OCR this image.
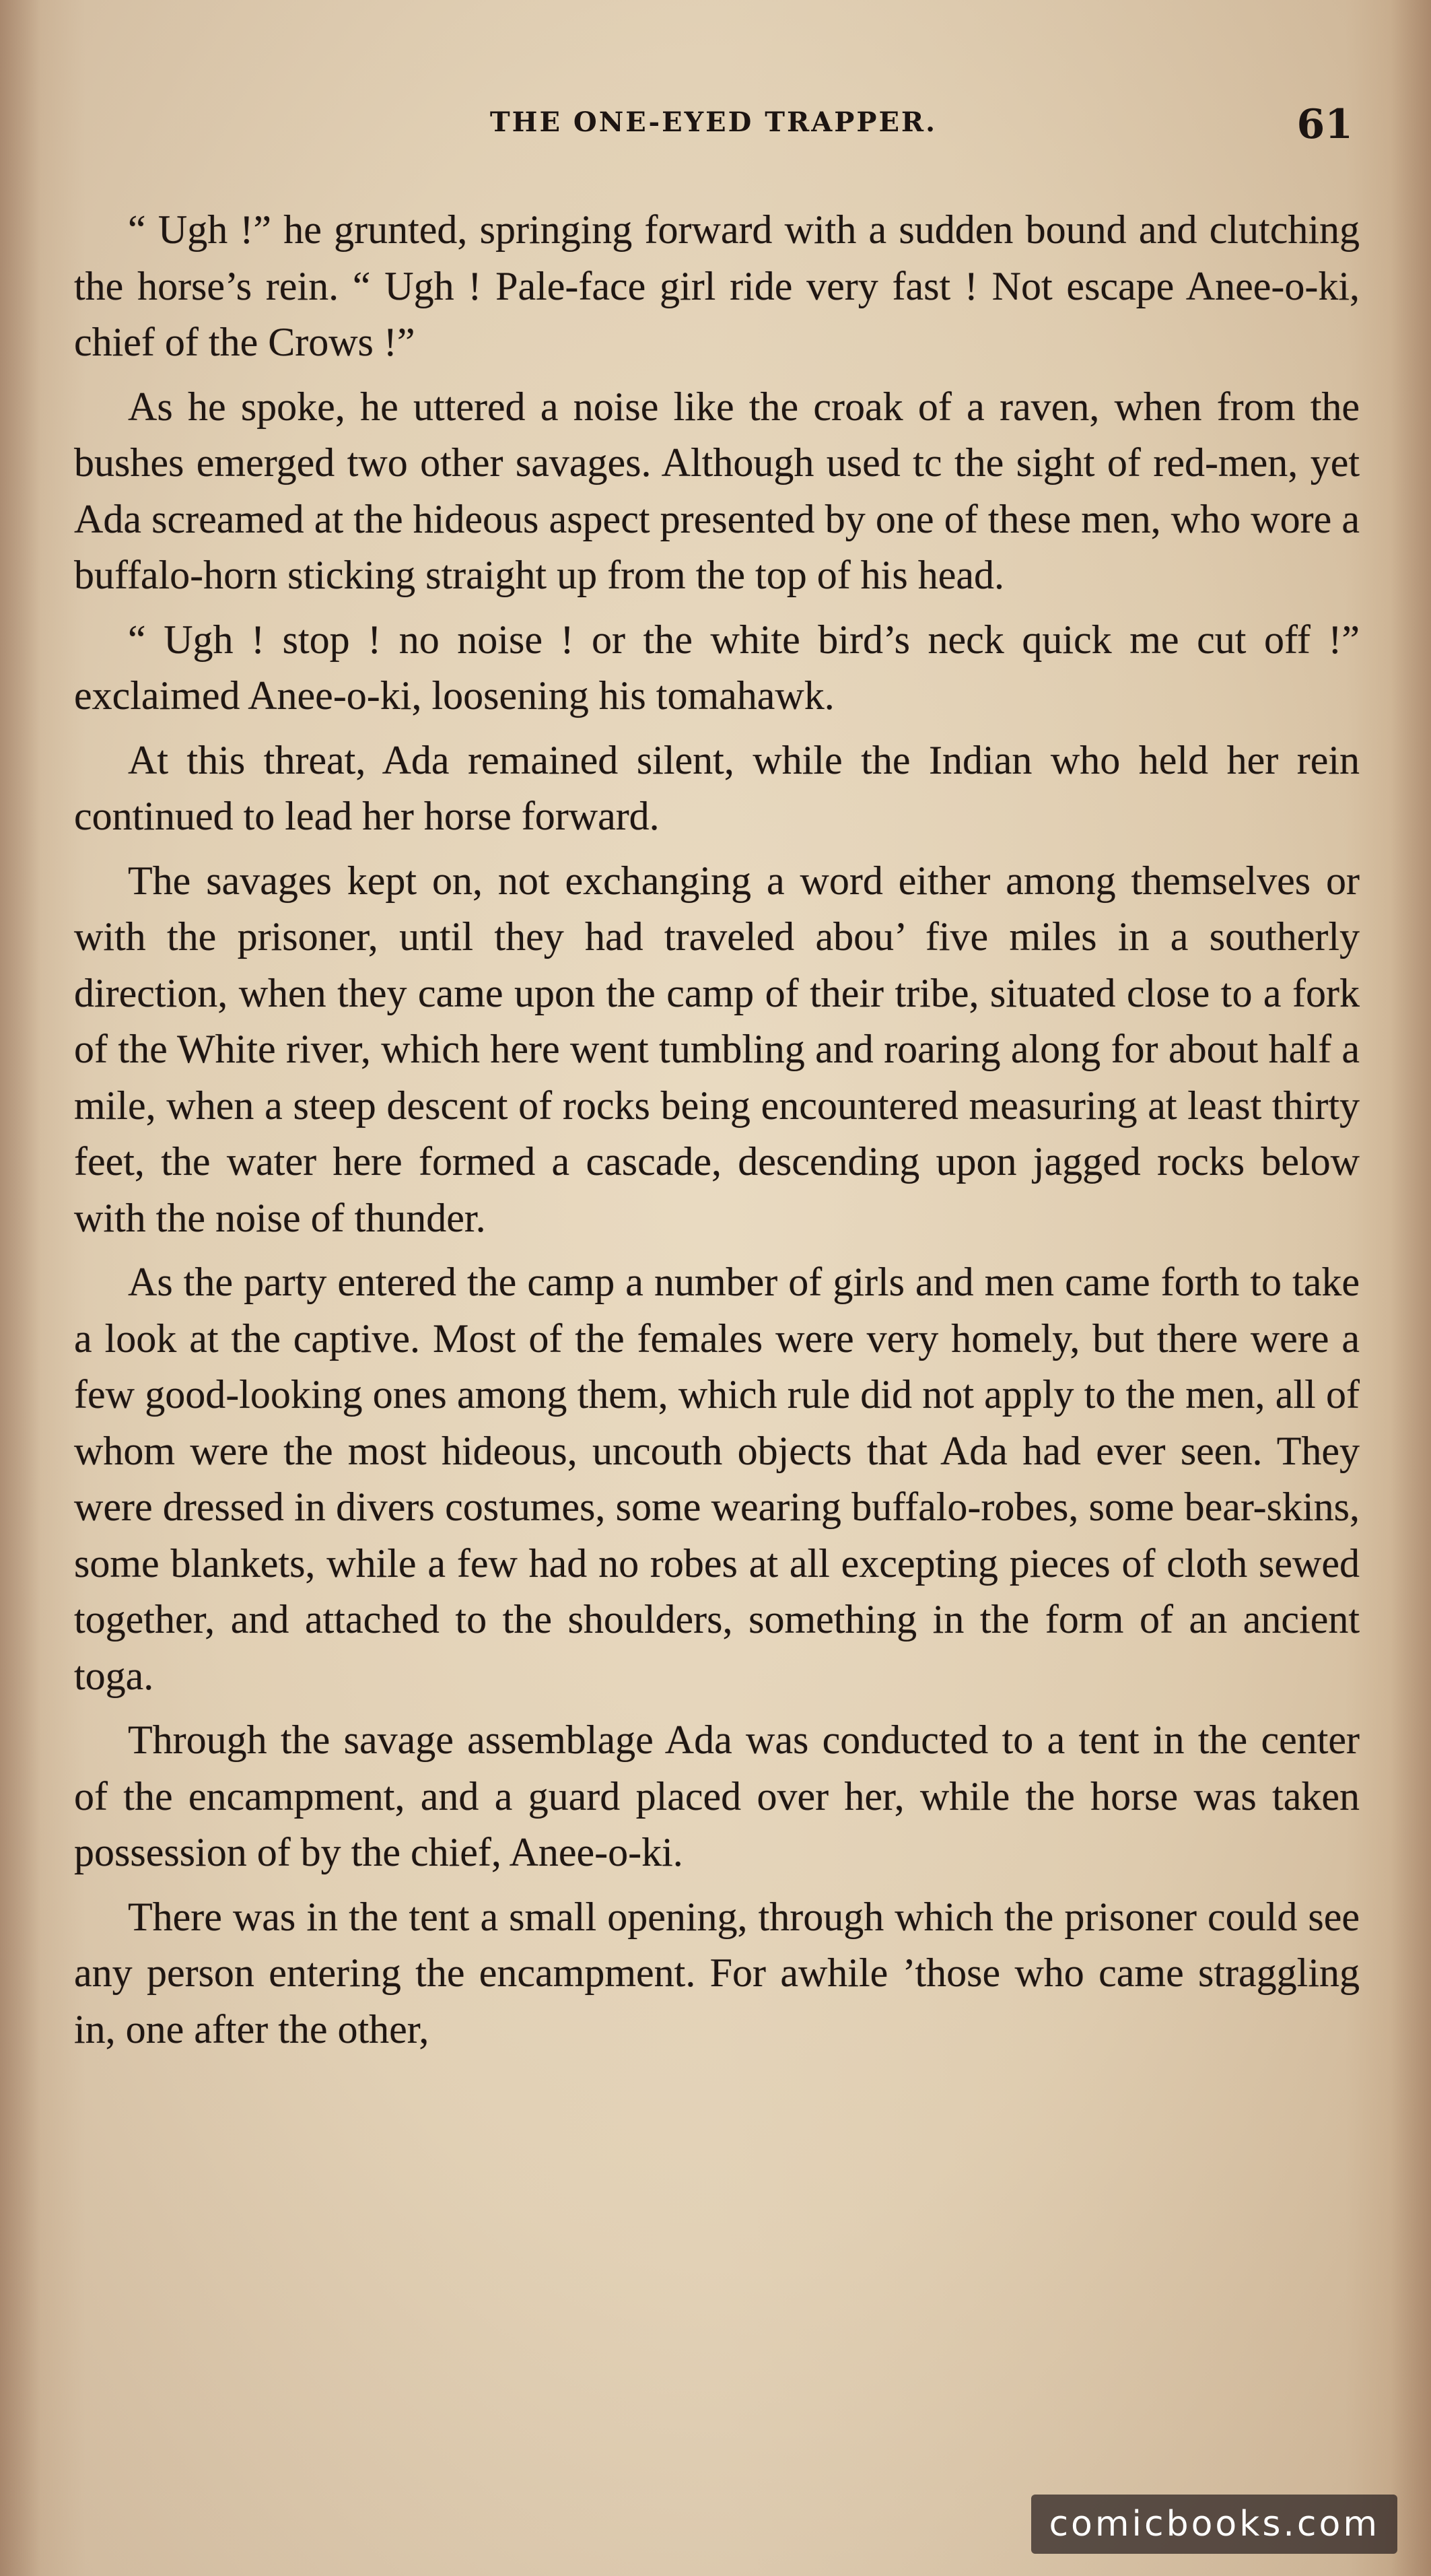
THE ONE-EYED TRAPPER.	61

“ Ugh !” he grunted, springing forward with a sudden bound and clutching the horse’s rein. “ Ugh ! Pale-face girl ride very fast ! Not escape Anee-o-ki, chief of the Crows !”

As he spoke, he uttered a noise like the croak of a raven, when from the bushes emerged two other savages. Although used tc the sight of red-men, yet Ada screamed at the hideous aspect presented by one of these men, who wore a buffalo-horn sticking straight up from the top of his head.

“ Ugh ! stop ! no noise ! or the white bird’s neck quick me cut off !” exclaimed Anee-o-ki, loosening his tomahawk.

At this threat, Ada remained silent, while the Indian who held her rein continued to lead her horse forward.

The savages kept on, not exchanging a word either among themselves or with the prisoner, until they had traveled abou’ five miles in a southerly direction, when they came upon the camp of their tribe, situated close to a fork of the White river, which here went tumbling and roaring along for about half a mile, when a steep descent of rocks being encountered measuring at least thirty feet, the water here formed a cascade, descending upon jagged rocks below with the noise of thunder.

As the party entered the camp a number of girls and men came forth to take a look at the captive. Most of the females were very homely, but there were a few good-looking ones among them, which rule did not apply to the men, all of whom were the most hideous, uncouth objects that Ada had ever seen. They were dressed in divers costumes, some wearing buffalo-robes, some bear-skins, some blankets, while a few had no robes at all excepting pieces of cloth sewed together, and attached to the shoulders, something in the form of an ancient toga.

Through the savage assemblage Ada was conducted to a tent in the center of the encampment, and a guard placed over her, while the horse was taken possession of by the chief, Anee-o-ki.

There was in the tent a small opening, through which the prisoner could see any person entering the encampment. For awhile ’those who came straggling in, one after the other,

comicbooks.com
